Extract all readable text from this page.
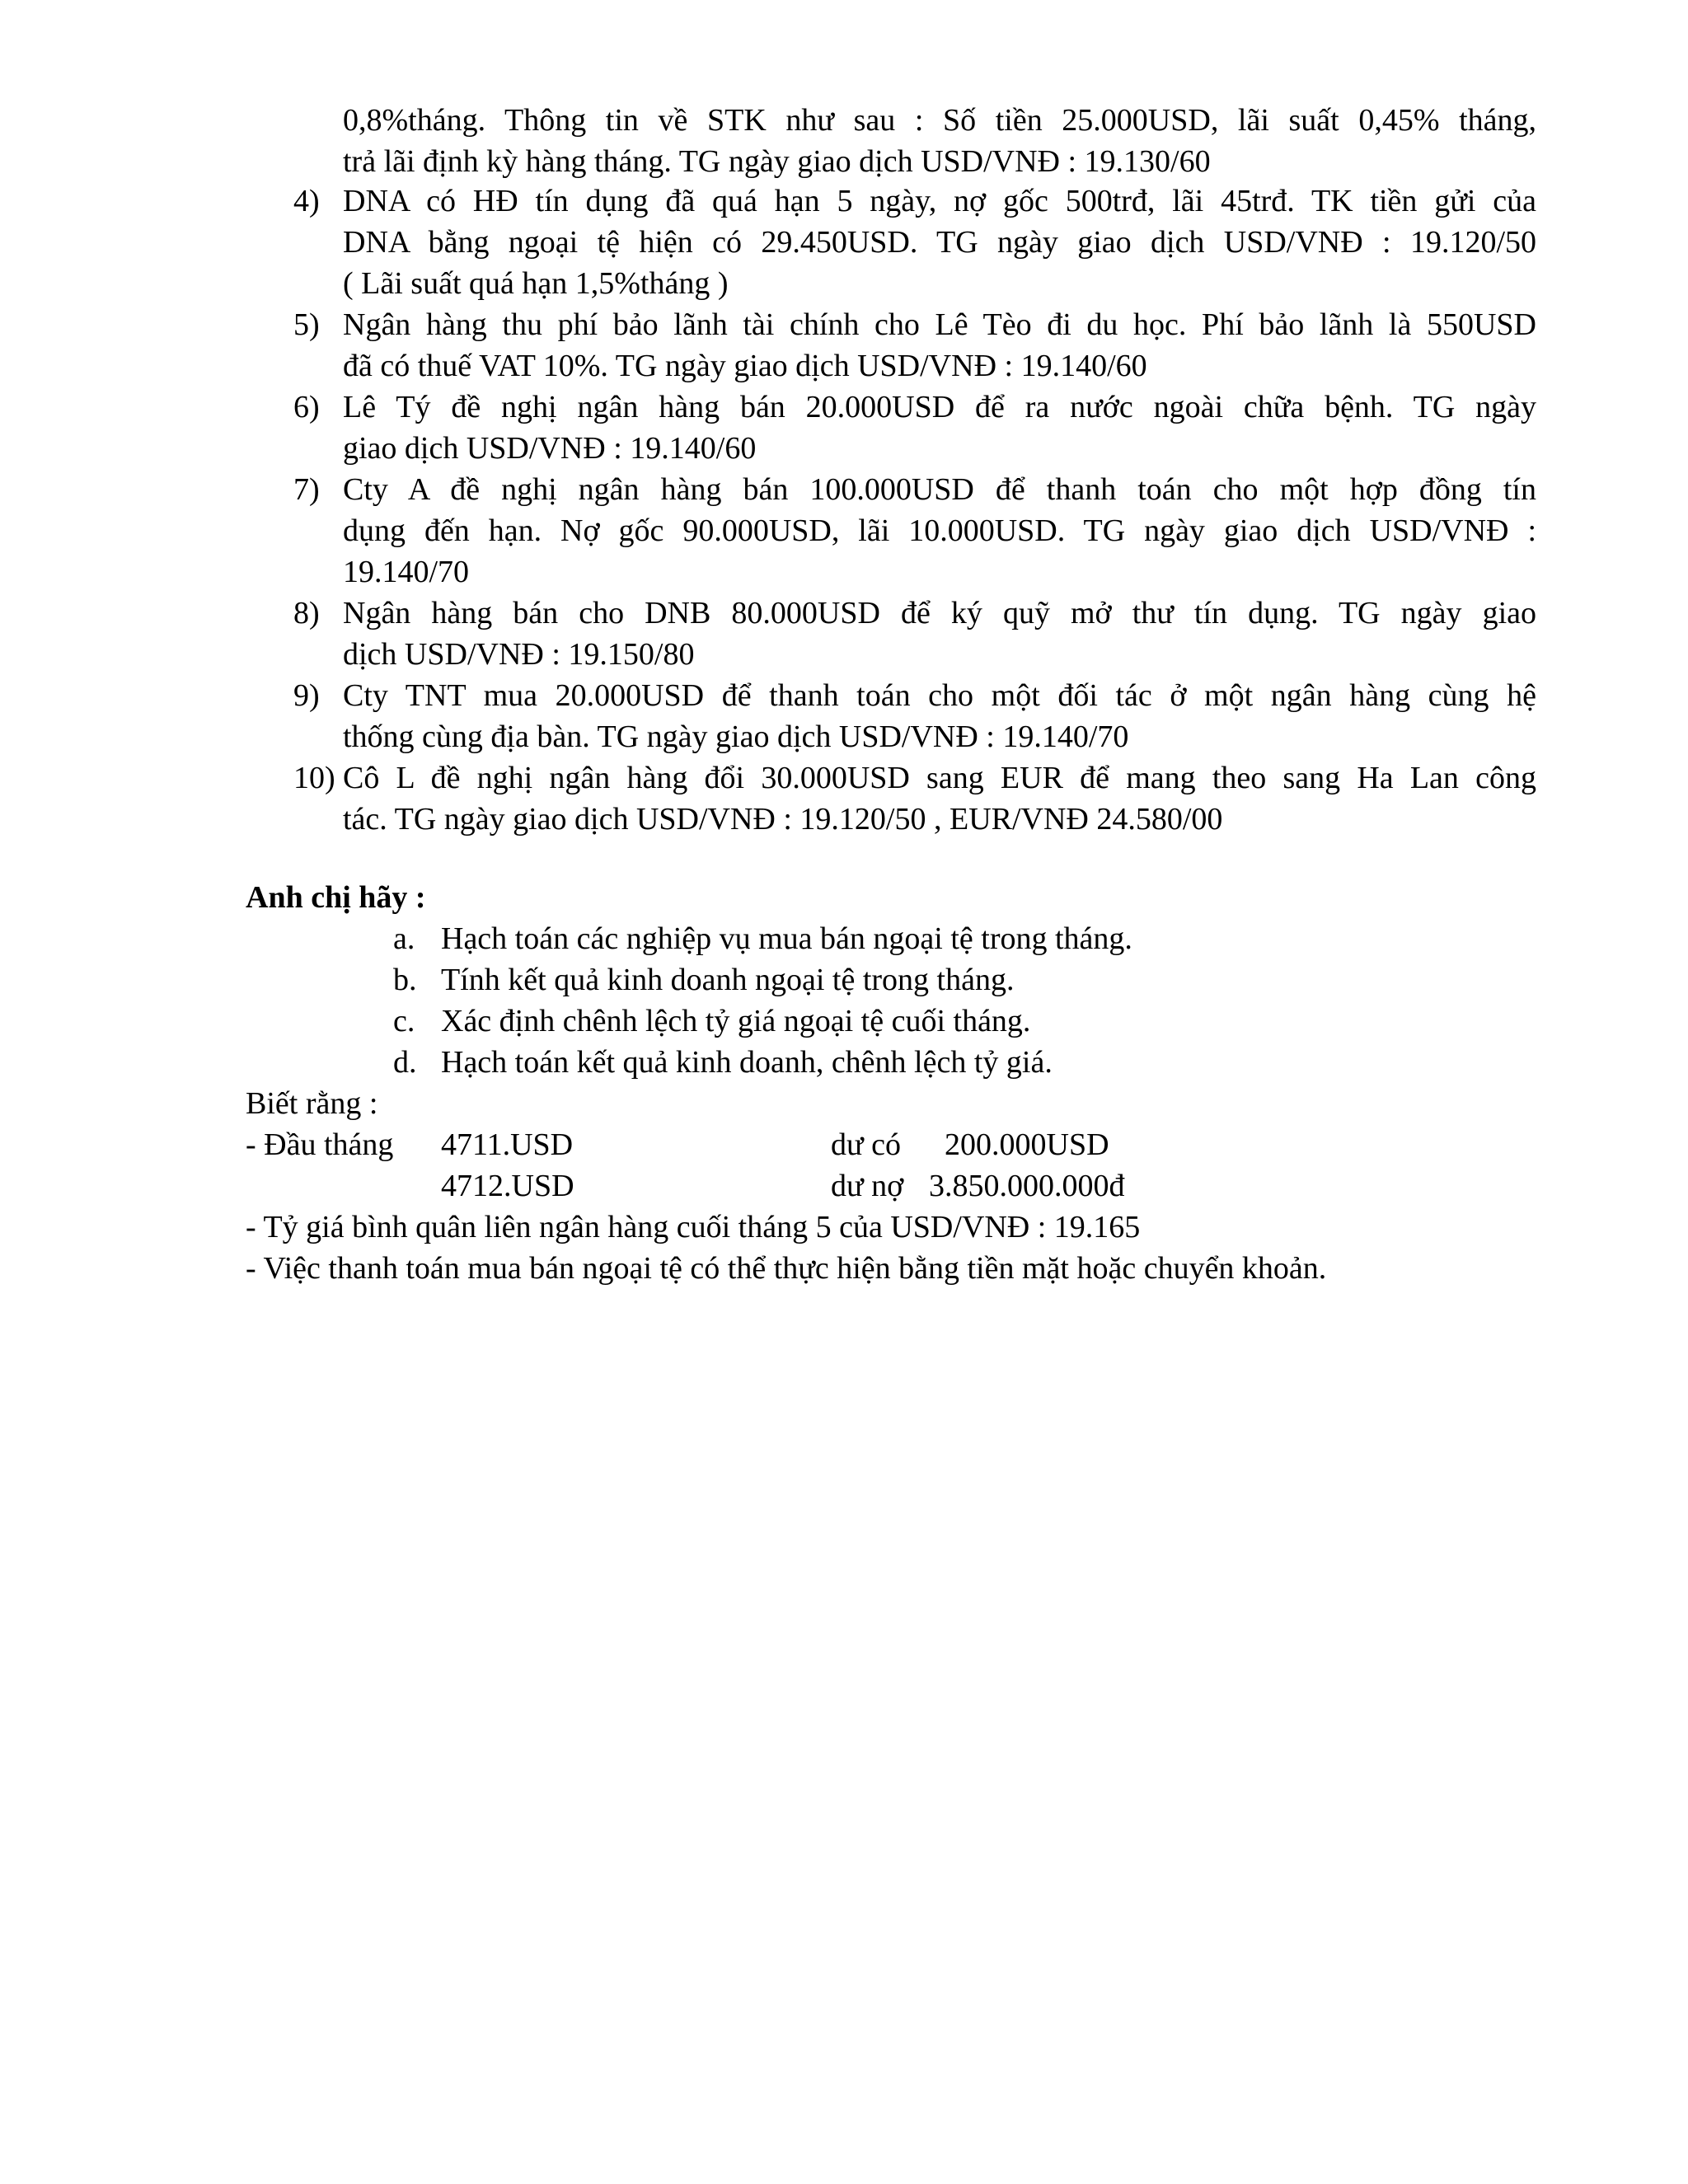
0,8%tháng. Thông tin về STK như sau : Số tiền 25.000USD, lãi suất 0,45% tháng,
trả lãi định kỳ hàng tháng. TG ngày giao dịch USD/VNĐ : 19.130/60
4) DNA có HĐ tín dụng đã quá hạn 5 ngày, nợ gốc 500trđ, lãi 45trđ. TK tiền gửi của
DNA bằng ngoại tệ hiện có 29.450USD. TG ngày giao dịch USD/VNĐ : 19.120/50
( Lãi suất quá hạn 1,5%tháng )
5) Ngân hàng thu phí bảo lãnh tài chính cho Lê Tèo đi du học. Phí bảo lãnh là 550USD
đã có thuế VAT 10%. TG ngày giao dịch USD/VNĐ : 19.140/60
6) Lê Tý đề nghị ngân hàng bán 20.000USD để ra nước ngoài chữa bệnh. TG ngày
giao dịch USD/VNĐ : 19.140/60
7) Cty A đề nghị ngân hàng bán 100.000USD để thanh toán cho một hợp đồng tín
dụng đến hạn. Nợ gốc 90.000USD, lãi 10.000USD. TG ngày giao dịch USD/VNĐ :
19.140/70
8) Ngân hàng bán cho DNB 80.000USD để ký quỹ mở thư tín dụng. TG ngày giao
dịch USD/VNĐ : 19.150/80
9) Cty TNT mua 20.000USD để thanh toán cho một đối tác ở một ngân hàng cùng hệ
thống cùng địa bàn. TG ngày giao dịch USD/VNĐ : 19.140/70
10) Cô L đề nghị ngân hàng đổi 30.000USD sang EUR để mang theo sang Ha Lan công
tác. TG ngày giao dịch USD/VNĐ : 19.120/50 , EUR/VNĐ 24.580/00
Anh chị hãy :
a. Hạch toán các nghiệp vụ mua bán ngoại tệ trong tháng.
b. Tính kết quả kinh doanh ngoại tệ trong tháng.
c. Xác định chênh lệch tỷ giá ngoại tệ cuối tháng.
d. Hạch toán kết quả kinh doanh, chênh lệch tỷ giá.
Biết rằng :
- Đầu tháng 4711.USD	dư có 200.000USD
4712.USD	dư nợ 3.850.000.000đ
- Tỷ giá bình quân liên ngân hàng cuối tháng 5 của USD/VNĐ : 19.165
- Việc thanh toán mua bán ngoại tệ có thể thực hiện bằng tiền mặt hoặc chuyển khoản.
